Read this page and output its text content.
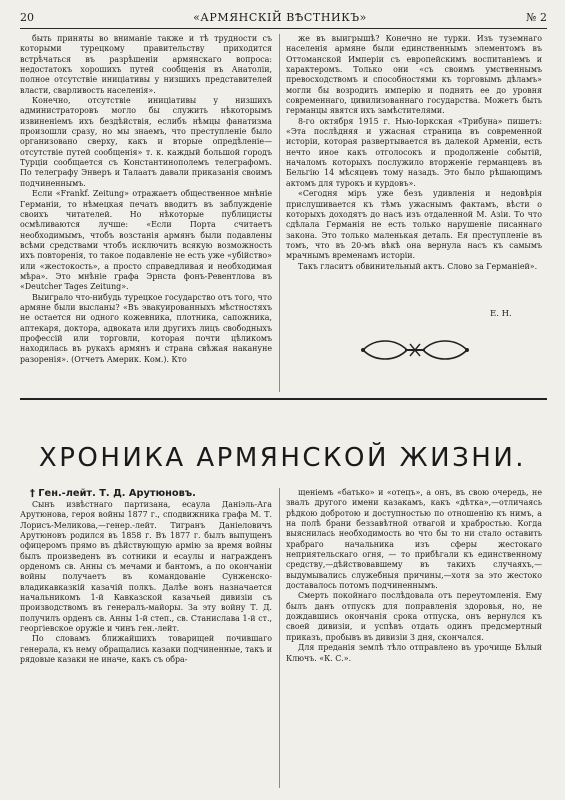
20	«АРМЯНСКІЙ ВѢСТНИКЪ»	№ 2

быть приняты во вниманіе также и тѣ трудности съ которыми турецкому правительству приходится встрѣчаться въ разрѣшеніи армянскаго вопроса: недостатокъ хорошихъ путей сообщенія въ Анатоліи, полное отсутствіе иниціативы у низшихъ представителей власти, сварливость населенія».

Конечно, отсутствіе иниціативы у низшихъ администраторовъ могло бы служить нѣкоторымъ извиненіемъ ихъ бездѣйствія, еслибъ нѣмцы фанатизма произошли сразу, но мы знаемъ, что преступленіе было организовано сверху, какъ и вторые опредѣленіе—отсутствіе путей сообщенія» т. к. каждый большой городъ Турціи сообщается съ Константинополемъ телеграфомъ. По телеграфу Энверъ и Талаатъ давали приказанія своимъ подчиненнымъ.

Если «Frankf. Zeitung» отражаетъ общественное мнѣніе Германіи, то нѣмецкая печать вводитъ въ заблужденіе своихъ читателей. Но нѣкоторые публицисты осмѣливаются лучше: «Если Порта считаетъ необходимымъ, чтобъ возстанія армянъ были подавлены всѣми средствами чтобъ исключить всякую возможность ихъ повторенія, то такое подавленіе не есть уже «убійство» или «жестокость», а просто справедливая и необходимая мѣра». Это мнѣніе графа Эрнста фонъ-Ревентлова въ «Deutcher Tages Zeitung».

Выиграло что-нибудь турецкое государство отъ того, что армяне были высланы? «Въ эвакуированныхъ мѣстностяхъ не остается ни одного кожевника, плотника, сапожника, аптекаря, доктора, адвоката или другихъ лицъ свободныхъ профессій или торговли, которая почти цѣликомъ находилась въ рукахъ армянъ и страна свѣжая накануне разоренія». (Отчетъ Америк. Ком.). Кто

же въ выигрышѣ? Конечно не турки. Изъ туземнаго населенія армяне были единственнымъ элементомъ въ Оттоманской Имперіи съ европейскимъ воспитаніемъ и характеромъ. Только они «съ своимъ умственнымъ превосходствомъ и способностями къ торговымъ дѣламъ» могли бы возродить имперію и поднять ее до уровня современнаго, цивилизованнаго государства. Можетъ быть германцы явятся ихъ замѣстителями.

8-го октября 1915 г. Нью-Іоркская «Трибуна» пишетъ: «Эта послѣдняя и ужасная страница въ современной исторіи, которая развертывается въ далекой Арменіи, есть нечто иное какъ отголосокъ и продолженіе событій, началомъ которыхъ послужило вторженіе германцевъ въ Бельгію 14 мѣсяцевъ тому назадъ. Это было рѣшающимъ актомъ для турокъ и курдовъ».

«Сегодня міръ уже безъ удивленія и недовѣрія прислушивается къ тѣмъ ужаснымъ фактамъ, вѣсти о которыхъ доходятъ до насъ изъ отдаленной М. Азіи. То что сдѣлала Германія не есть только нарушеніе писаннаго закона. Это только маленькая деталь. Ея преступленіе въ томъ, что въ 20-мъ вѣкѣ она вернула насъ къ самымъ мрачнымъ временамъ исторіи.

Такъ гласитъ обвинительный актъ. Слово за Германіей».

Е. Н.
ХРОНИКА АРМЯНСКОЙ ЖИЗНИ.
† Ген.-лейт. Т. Д. Арутюновъ.

Сынъ извѣстнаго партизана, есаула Даніэль-Ага Арутюнова, героя войны 1877 г., сподвижника графа М. Т. Лорисъ-Меликова,—генер.-лейт. Тигранъ Даніеловичъ Арутюновъ родился въ 1858 г. Въ 1877 г. былъ выпущенъ офицеромъ прямо въ дѣйствующую армію за время войны былъ произведенъ въ сотники и есаулы и награжденъ орденомъ св. Анны съ мечами и бантомъ, а по окончаніи войны получаетъ въ командованіе Сунженско-владикавказкій казачій полкъ. Далѣе вонъ назначается начальникомъ 1-й Кавказской казачьей дивизіи съ производствомъ въ генералъ-майоры. За эту войну Т. Д. получилъ орденъ св. Анны 1-й степ., св. Станислава 1-й ст., георгіевское оружіе и чинъ ген.-лейт.

По словамъ ближайшихъ товарищей почившаго генерала, къ нему обращались казаки подчиненные, такъ и рядовые казаки не иначе, какъ съ обра-

щеніемъ «батько» и «отецъ», а онъ, въ свою очередь, не звалъ другого имени казакамъ, какъ «дѣтка»,—отличаясь рѣдкою добротою и доступностью по отношенію къ нимъ, а на полѣ брани беззавѣтной отвагой и храбростью. Когда выяснилась необходимость во что бы то ни стало оставить храбраго начальника изъ сферы жестокаго неприятельскаго огня, — то прибѣгали къ единственному средству,—дѣйствовавшему въ такихъ случаяхъ,—выдумывались служебныя причины,—хотя за это жестоко доставалось потомъ подчиненнымъ.

Смерть покойнаго послѣдовала отъ переутомленія. Ему былъ данъ отпускъ для поправленія здоровья, но, не дождавшись окончанія срока отпуска, онъ вернулся къ своей дивизіи, и успѣвъ отдать одинъ предсмертный приказъ, пробывъ въ дивизіи 3 дня, скончался.

Для преданія землѣ тѣло отправлено въ урочище Бѣлый Ключъ. «К. С.».
